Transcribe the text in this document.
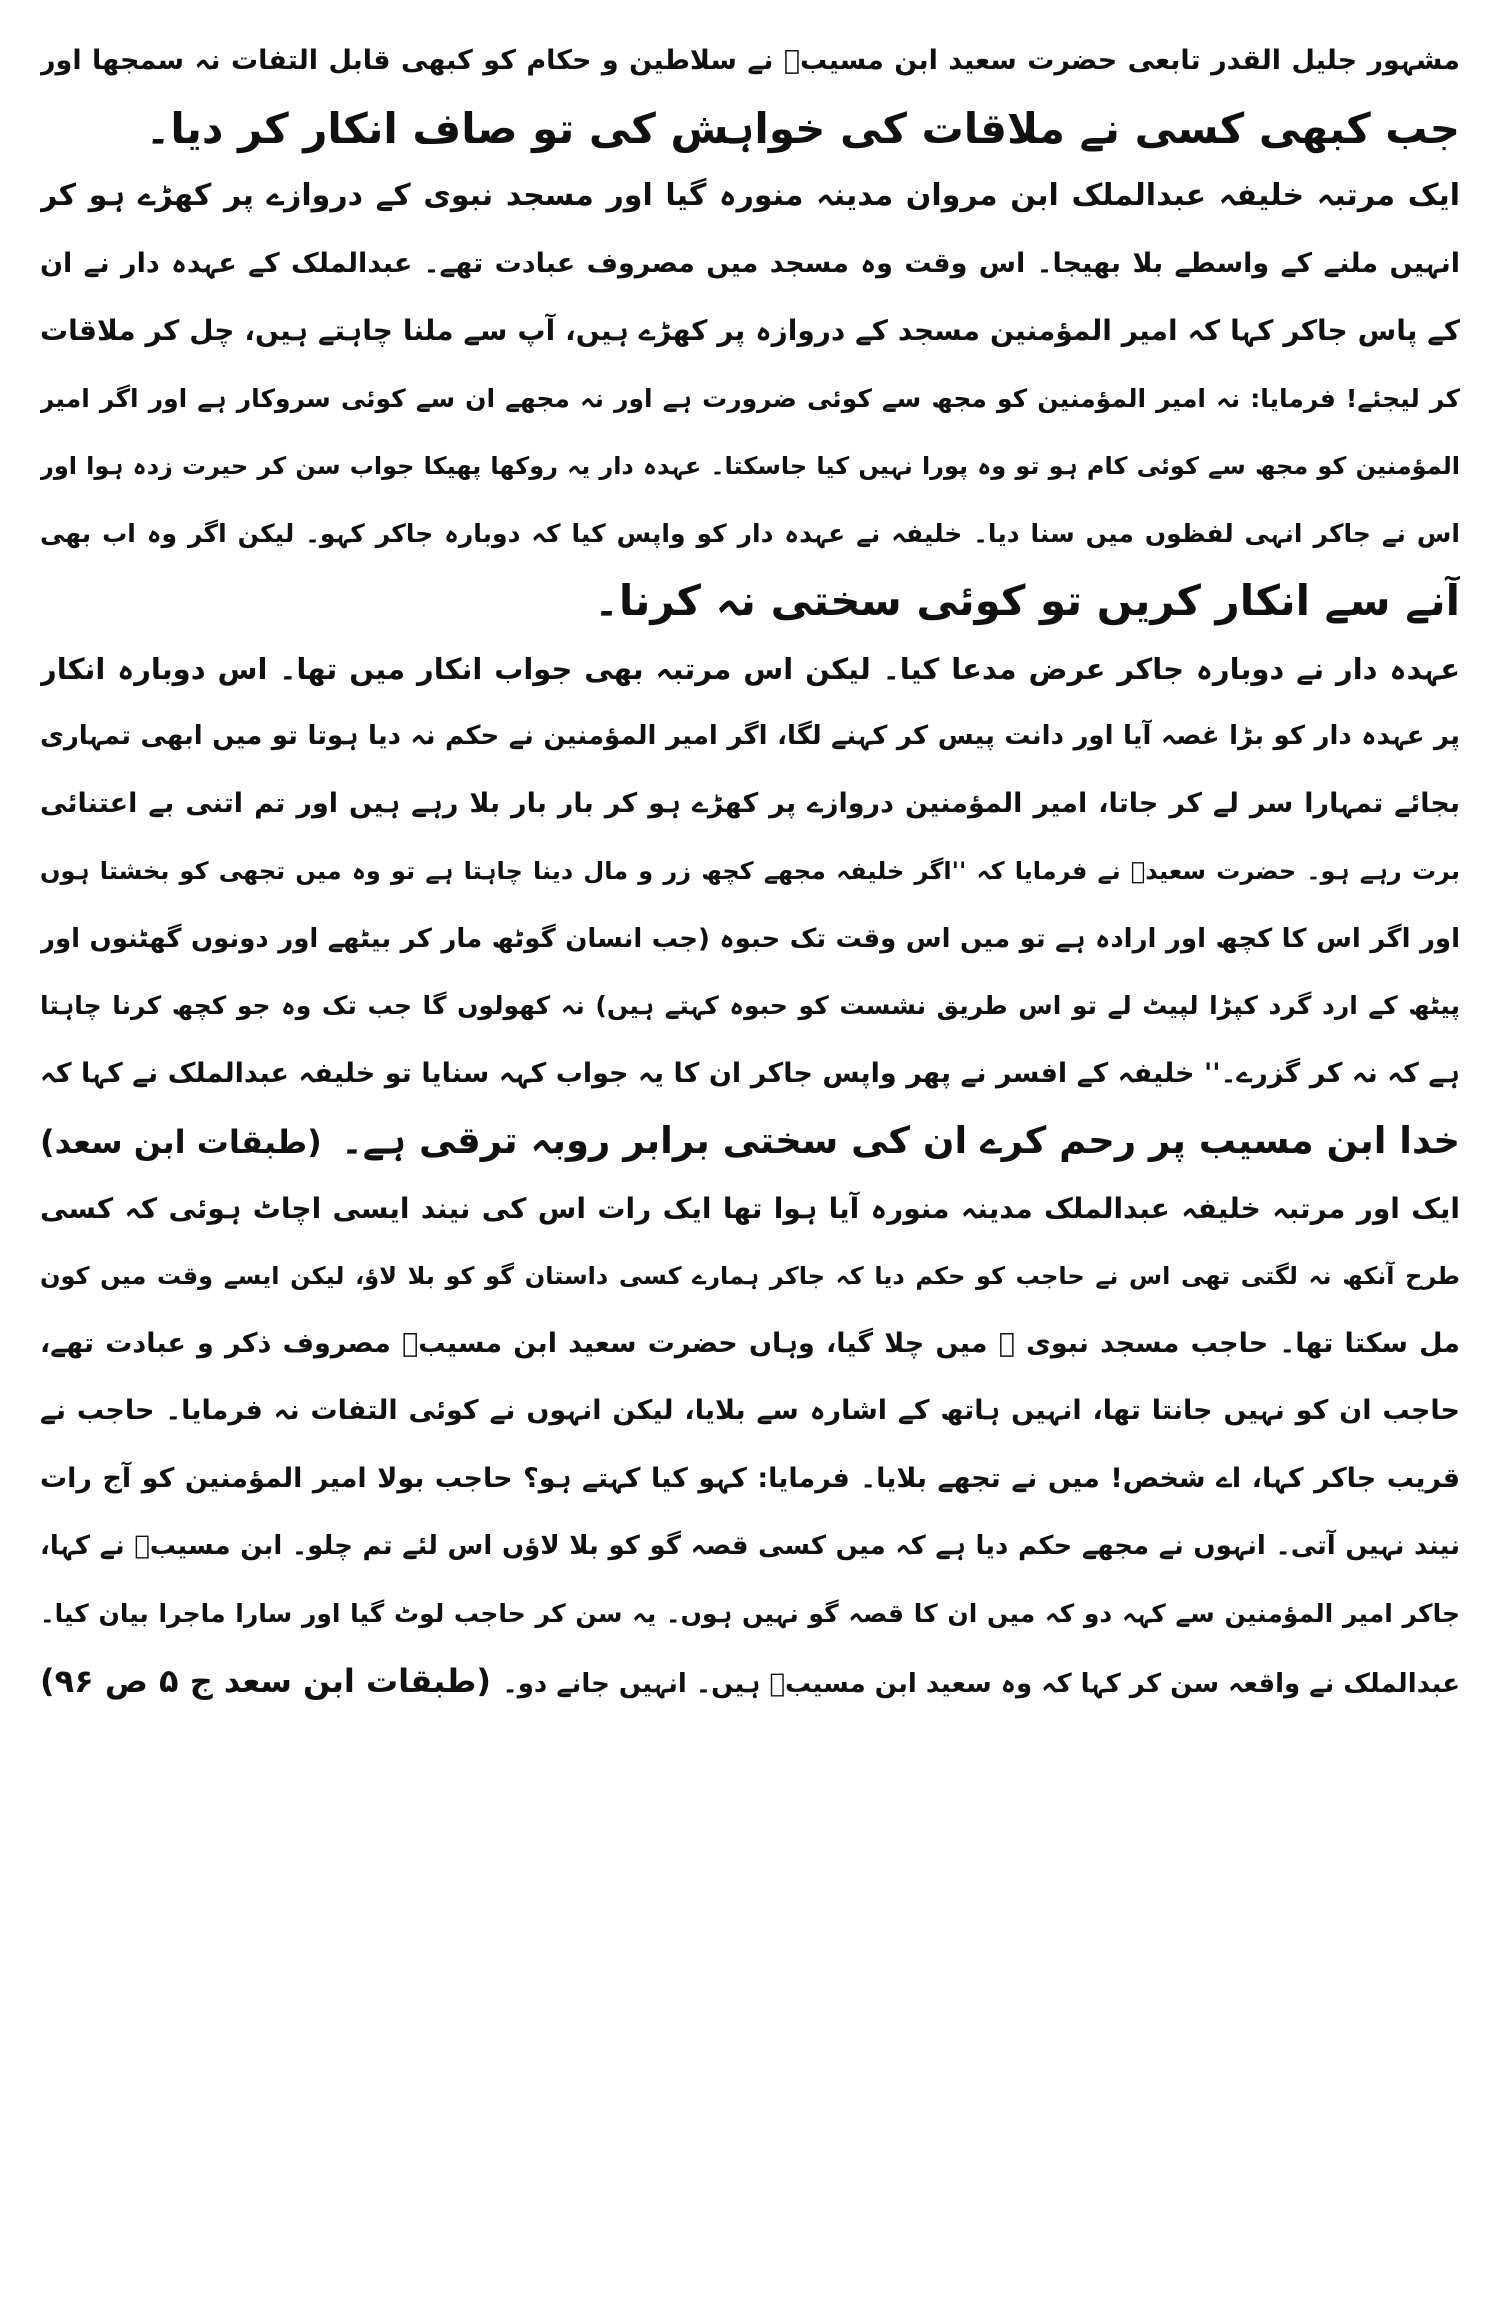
مشہور جلیل القدر تابعی حضرت سعید ابن مسیبؒ نے سلاطین و حکام کو کبھی قابل التفات نہ سمجھا اور
جب کبھی کسی نے ملاقات کی خواہش کی تو صاف انکار کر دیا۔
ایک مرتبہ خلیفہ عبدالملک ابن مروان مدینہ منورہ گیا اور مسجد نبوی کے دروازے پر کھڑے ہو کر
انہیں ملنے کے واسطے بلا بھیجا۔ اس وقت وہ مسجد میں مصروف عبادت تھے۔ عبدالملک کے عہدہ دار نے ان
کے پاس جاکر کہا کہ امیر المؤمنین مسجد کے دروازہ پر کھڑے ہیں، آپ سے ملنا چاہتے ہیں، چل کر ملاقات
کر لیجئے! فرمایا: نہ امیر المؤمنین کو مجھ سے کوئی ضرورت ہے اور نہ مجھے ان سے کوئی سروکار ہے اور اگر امیر
المؤمنین کو مجھ سے کوئی کام ہو تو وہ پورا نہیں کیا جاسکتا۔ عہدہ دار یہ روکھا پھیکا جواب سن کر حیرت زدہ ہوا اور
اس نے جاکر انہی لفظوں میں سنا دیا۔ خلیفہ نے عہدہ دار کو واپس کیا کہ دوبارہ جاکر کہو۔ لیکن اگر وہ اب بھی
آنے سے انکار کریں تو کوئی سختی نہ کرنا۔
عہدہ دار نے دوبارہ جاکر عرض مدعا کیا۔ لیکن اس مرتبہ بھی جواب انکار میں تھا۔ اس دوبارہ انکار
پر عہدہ دار کو بڑا غصہ آیا اور دانت پیس کر کہنے لگا، اگر امیر المؤمنین نے حکم نہ دیا ہوتا تو میں ابھی تمہاری
بجائے تمہارا سر لے کر جاتا، امیر المؤمنین دروازے پر کھڑے ہو کر بار بار بلا رہے ہیں اور تم اتنی بے اعتنائی
برت رہے ہو۔ حضرت سعیدؒ نے فرمایا کہ ''اگر خلیفہ مجھے کچھ زر و مال دینا چاہتا ہے تو وہ میں تجھی کو بخشتا ہوں
اور اگر اس کا کچھ اور ارادہ ہے تو میں اس وقت تک حبوہ (جب انسان گوٹھ مار کر بیٹھے اور دونوں گھٹنوں اور
پیٹھ کے ارد گرد کپڑا لپیٹ لے تو اس طریق نشست کو حبوہ کہتے ہیں) نہ کھولوں گا جب تک وہ جو کچھ کرنا چاہتا
ہے کہ نہ کر گزرے۔'' خلیفہ کے افسر نے پھر واپس جاکر ان کا یہ جواب کہہ سنایا تو خلیفہ عبدالملک نے کہا کہ
خدا ابن مسیب پر رحم کرے ان کی سختی برابر روبہ ترقی ہے۔
(طبقات ابن سعد)
ایک اور مرتبہ خلیفہ عبدالملک مدینہ منورہ آیا ہوا تھا ایک رات اس کی نیند ایسی اچاٹ ہوئی کہ کسی
طرح آنکھ نہ لگتی تھی اس نے حاجب کو حکم دیا کہ جاکر ہمارے کسی داستان گو کو بلا لاؤ، لیکن ایسے وقت میں کون
مل سکتا تھا۔ حاجب مسجد نبوی ﷺ میں چلا گیا، وہاں حضرت سعید ابن مسیبؒ مصروف ذکر و عبادت تھے،
حاجب ان کو نہیں جانتا تھا، انہیں ہاتھ کے اشارہ سے بلایا، لیکن انہوں نے کوئی التفات نہ فرمایا۔ حاجب نے
قریب جاکر کہا، اے شخص! میں نے تجھے بلایا۔ فرمایا: کہو کیا کہتے ہو؟ حاجب بولا امیر المؤمنین کو آج رات
نیند نہیں آتی۔ انہوں نے مجھے حکم دیا ہے کہ میں کسی قصہ گو کو بلا لاؤں اس لئے تم چلو۔ ابن مسیبؒ نے کہا،
جاکر امیر المؤمنین سے کہہ دو کہ میں ان کا قصہ گو نہیں ہوں۔ یہ سن کر حاجب لوٹ گیا اور سارا ماجرا بیان کیا۔
عبدالملک نے واقعہ سن کر کہا کہ وہ سعید ابن مسیبؒ ہیں۔ انہیں جانے دو۔
(طبقات ابن سعد ج ۵ ص ۹۶)
